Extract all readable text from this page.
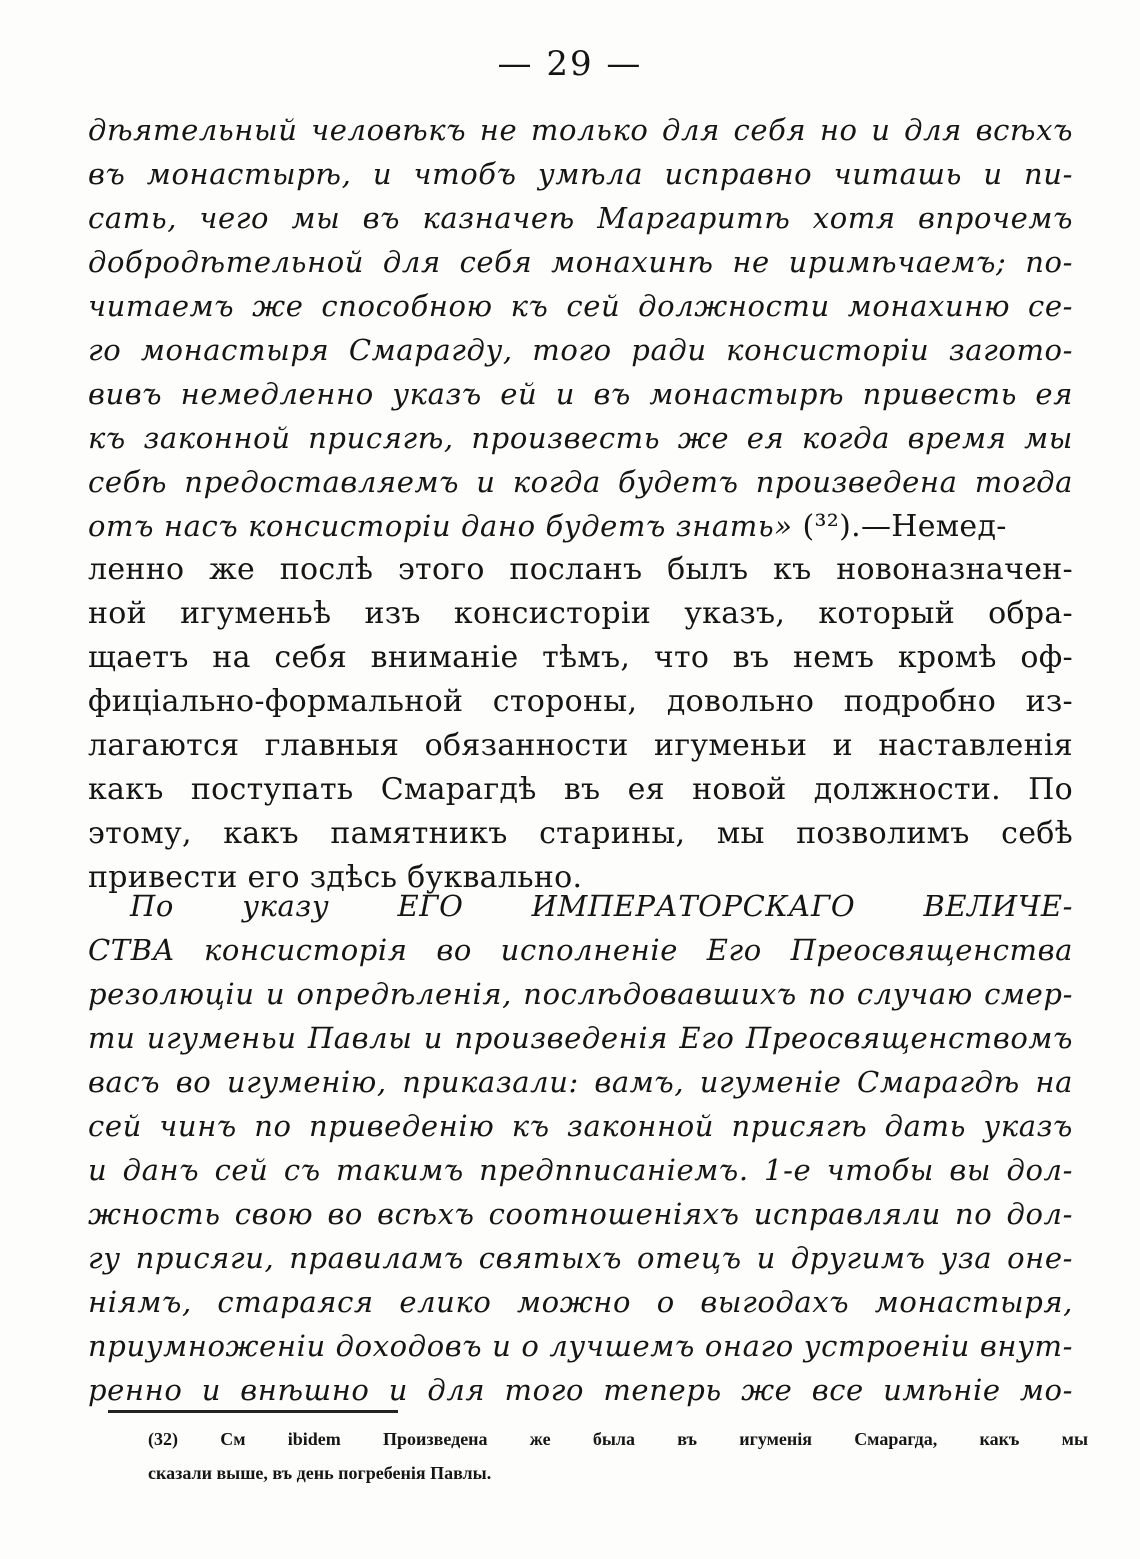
— 29 —
дѣятельный человѣкъ не только для себя но и для всѣхъ
въ монастырѣ, и чтобъ умѣла исправно читашь и пи-
сать, чего мы въ казначеѣ Маргаритѣ хотя впрочемъ
добродѣтельной для себя монахинѣ не иримѣчаемъ; по-
читаемъ же способною къ сей должности монахиню се-
го монастыря Смарагду, того ради консисторіи загото-
вивъ немедленно указъ ей и въ монастырѣ привесть ея
къ законной присягѣ, произвесть же ея когда время мы
себѣ предоставляемъ и когда будетъ произведена тогда
отъ насъ консисторіи дано будетъ знать» (³²).—Немед-
ленно же послѣ этого посланъ былъ къ новоназначен-
ной игуменьѣ изъ консисторіи указъ, который обра-
щаетъ на себя вниманіе тѣмъ, что въ немъ кромѣ оф-
фиціально-формальной стороны, довольно подробно из-
лагаются главныя обязанности игуменьи и наставленія
какъ поступать Смарагдѣ въ ея новой должности. По
этому, какъ памятникъ старины, мы позволимъ себѣ
привести его здѣсь буквально.
По указу ЕГО ИМПЕРАТОРСКАГО ВЕЛИЧЕ-
СТВА консисторія во исполненіе Его Преосвященства
резолюціи и опредѣленія, послѣдовавшихъ по случаю смер-
ти игуменьи Павлы и произведенія Его Преосвященствомъ
васъ во игуменію, приказали: вамъ, игуменіе Смарагдѣ на
сей чинъ по приведенію къ законной присягѣ дать указъ
и данъ сей съ такимъ предпписаніемъ. 1-е чтобы вы дол-
жность свою во всѣхъ соотношеніяхъ исправляли по дол-
гу присяги, правиламъ святыхъ отецъ и другимъ уза оне-
ніямъ, стараяся елико можно о выгодахъ монастыря,
приумноженіи доходовъ и о лучшемъ онаго устроеніи внут-
ренно и внѣшно и для того теперь же все имѣніе мо-
(32) См ibidem Произведена же была въ игуменія Смарагда, какъ мы
сказали выше, въ день погребенія Павлы.
